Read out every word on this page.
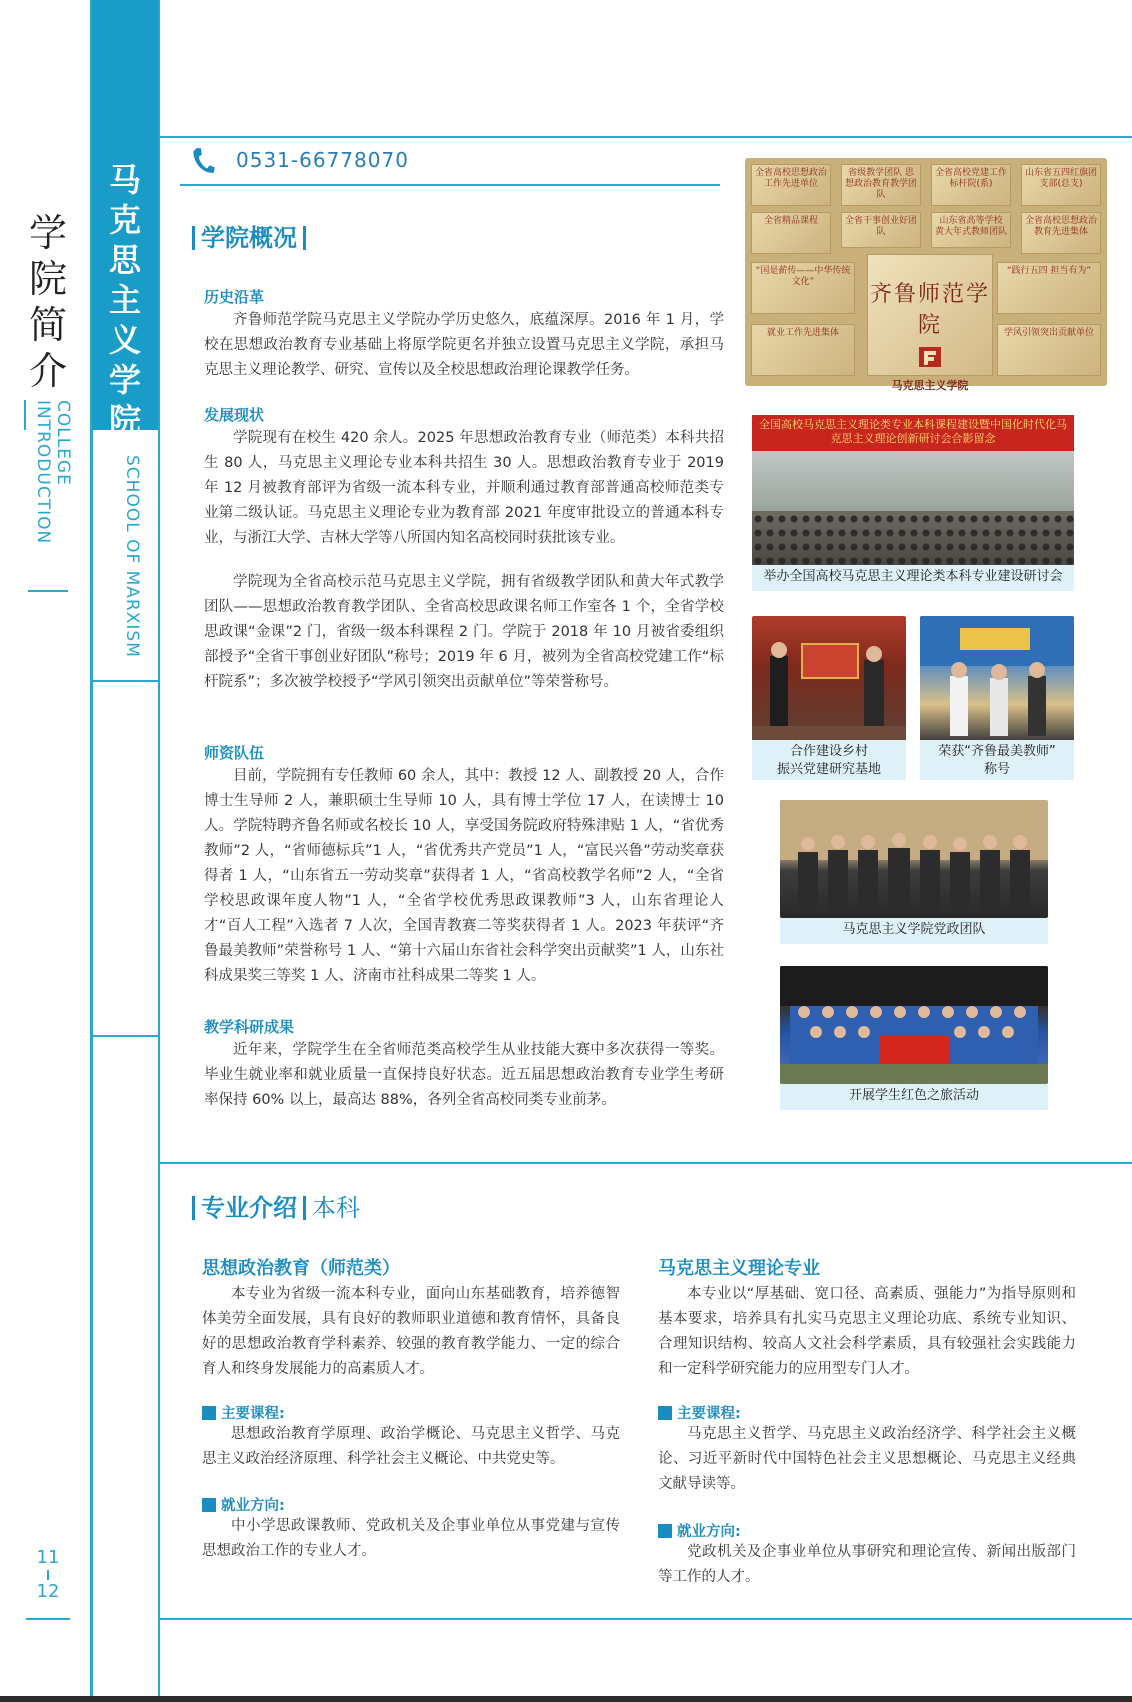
学
院
简
介
COLLEGE INTRODUCTION
11
12
马
克
思
主
义
学
院
SCHOOL OF MARXISM
0531-66778070
学院概况
历史沿革
齐鲁师范学院马克思主义学院办学历史悠久，底蕴深厚。2016 年 1 月，学校在思想政治教育专业基础上将原学院更名并独立设置马克思主义学院，承担马克思主义理论教学、研究、宣传以及全校思想政治理论课教学任务。
发展现状
学院现有在校生 420 余人。2025 年思想政治教育专业（师范类）本科共招生 80 人，马克思主义理论专业本科共招生 30 人。思想政治教育专业于 2019 年 12 月被教育部评为省级一流本科专业，并顺利通过教育部普通高校师范类专业第二级认证。马克思主义理论专业为教育部 2021 年度审批设立的普通本科专业，与浙江大学、吉林大学等八所国内知名高校同时获批该专业。
学院现为全省高校示范马克思主义学院，拥有省级教学团队和黄大年式教学团队——思想政治教育教学团队、全省高校思政课名师工作室各 1 个，全省学校思政课“金课”2 门，省级一级本科课程 2 门。学院于 2018 年 10 月被省委组织部授予“全省干事创业好团队”称号；2019 年 6 月，被列为全省高校党建工作“标杆院系”；多次被学校授予“学风引领突出贡献单位”等荣誉称号。
师资队伍
目前，学院拥有专任教师 60 余人，其中：教授 12 人、副教授 20 人，合作博士生导师 2 人，兼职硕士生导师 10 人，具有博士学位 17 人，在读博士 10 人。学院特聘齐鲁名师或名校长 10 人，享受国务院政府特殊津贴 1 人，“省优秀教师”2 人，“省师德标兵”1 人，“省优秀共产党员”1 人，“富民兴鲁”劳动奖章获得者 1 人，“山东省五一劳动奖章”获得者 1 人，“省高校教学名师”2 人，“全省学校思政课年度人物”1 人，“全省学校优秀思政课教师”3 人，山东省理论人才“百人工程”入选者 7 人次，全国青教赛二等奖获得者 1 人。2023 年获评“齐鲁最美教师”荣誉称号 1 人、“第十六届山东省社会科学突出贡献奖”1 人，山东社科成果奖三等奖 1 人、济南市社科成果二等奖 1 人。
教学科研成果
近年来，学院学生在全省师范类高校学生从业技能大赛中多次获得一等奖。毕业生就业率和就业质量一直保持良好状态。近五届思想政治教育专业学生考研率保持 60% 以上，最高达 88%，各列全省高校同类专业前茅。
全省高校思想政治工作先进单位
省级教学团队 思想政治教育教学团队
全省高校党建工作 标杆院(系)
山东省五四红旗团支部(总支)
全省精品课程	全省干事创业好团队
山东省高等学校 黄大年式教师团队
全省高校思想政治教育先进集体
“国是薪传——中华传统文化”
“践行五四 担当有为”
就业工作先进集体	学风引领突出贡献单位
齐鲁师范学院
马克思主义学院
全国高校马克思主义理论类专业本科课程建设暨中国化时代化马克思主义理论创新研讨会合影留念
举办全国高校马克思主义理论类本科专业建设研讨会
合作建设乡村
振兴党建研究基地
荣获“齐鲁最美教师”
称号
马克思主义学院党政团队
开展学生红色之旅活动
专业介绍 本科
思想政治教育（师范类）
本专业为省级一流本科专业，面向山东基础教育，培养德智体美劳全面发展，具有良好的教师职业道德和教育情怀，具备良好的思想政治教育学科素养、较强的教育教学能力、一定的综合育人和终身发展能力的高素质人才。
主要课程:
思想政治教育学原理、政治学概论、马克思主义哲学、马克思主义政治经济原理、科学社会主义概论、中共党史等。
就业方向:
中小学思政课教师、党政机关及企事业单位从事党建与宣传思想政治工作的专业人才。
马克思主义理论专业
本专业以“厚基础、宽口径、高素质、强能力”为指导原则和基本要求，培养具有扎实马克思主义理论功底、系统专业知识、合理知识结构、较高人文社会科学素质，具有较强社会实践能力和一定科学研究能力的应用型专门人才。
主要课程:
马克思主义哲学、马克思主义政治经济学、科学社会主义概论、习近平新时代中国特色社会主义思想概论、马克思主义经典文献导读等。
就业方向:
党政机关及企事业单位从事研究和理论宣传、新闻出版部门等工作的人才。
